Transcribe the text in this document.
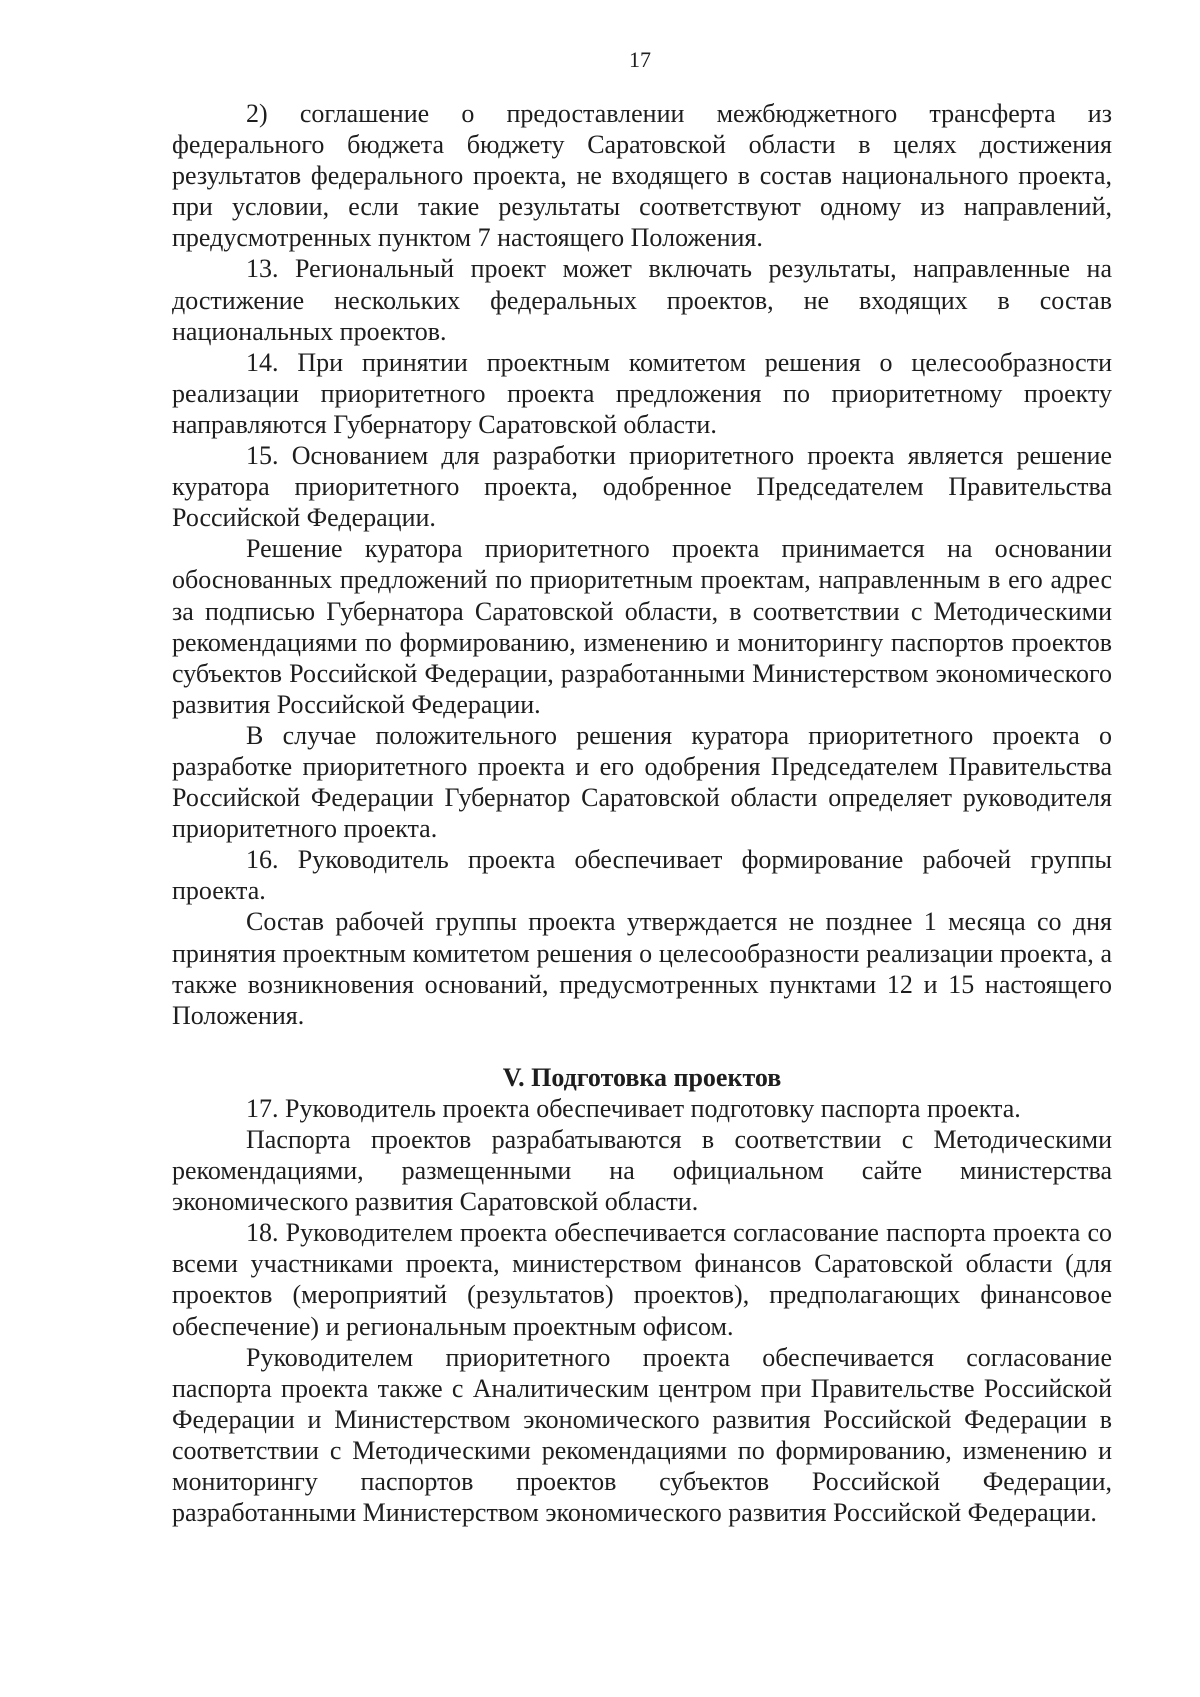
17

2) соглашение о предоставлении межбюджетного трансферта из федерального бюджета бюджету Саратовской области в целях достижения результатов федерального проекта, не входящего в состав национального проекта, при условии, если такие результаты соответствуют одному из направлений, предусмотренных пунктом 7 настоящего Положения.

13. Региональный проект может включать результаты, направленные на достижение нескольких федеральных проектов, не входящих в состав национальных проектов.

14. При принятии проектным комитетом решения о целесообразности реализации приоритетного проекта предложения по приоритетному проекту направляются Губернатору Саратовской области.

15. Основанием для разработки приоритетного проекта является решение куратора приоритетного проекта, одобренное Председателем Правительства Российской Федерации.

Решение куратора приоритетного проекта принимается на основании обоснованных предложений по приоритетным проектам, направленным в его адрес за подписью Губернатора Саратовской области, в соответствии с Методическими рекомендациями по формированию, изменению и мониторингу паспортов проектов субъектов Российской Федерации, разработанными Министерством экономического развития Российской Федерации.

В случае положительного решения куратора приоритетного проекта о разработке приоритетного проекта и его одобрения Председателем Правительства Российской Федерации Губернатор Саратовской области определяет руководителя приоритетного проекта.

16. Руководитель проекта обеспечивает формирование рабочей группы проекта.

Состав рабочей группы проекта утверждается не позднее 1 месяца со дня принятия проектным комитетом решения о целесообразности реализации проекта, а также возникновения оснований, предусмотренных пунктами 12 и 15 настоящего Положения.

V. Подготовка проектов

17. Руководитель проекта обеспечивает подготовку паспорта проекта.

Паспорта проектов разрабатываются в соответствии с Методическими рекомендациями, размещенными на официальном сайте министерства экономического развития Саратовской области.

18. Руководителем проекта обеспечивается согласование паспорта проекта со всеми участниками проекта, министерством финансов Саратовской области (для проектов (мероприятий (результатов) проектов), предполагающих финансовое обеспечение) и региональным проектным офисом.

Руководителем приоритетного проекта обеспечивается согласование паспорта проекта также с Аналитическим центром при Правительстве Российской Федерации и Министерством экономического развития Российской Федерации в соответствии с Методическими рекомендациями по формированию, изменению и мониторингу паспортов проектов субъектов Российской Федерации, разработанными Министерством экономического развития Российской Федерации.
